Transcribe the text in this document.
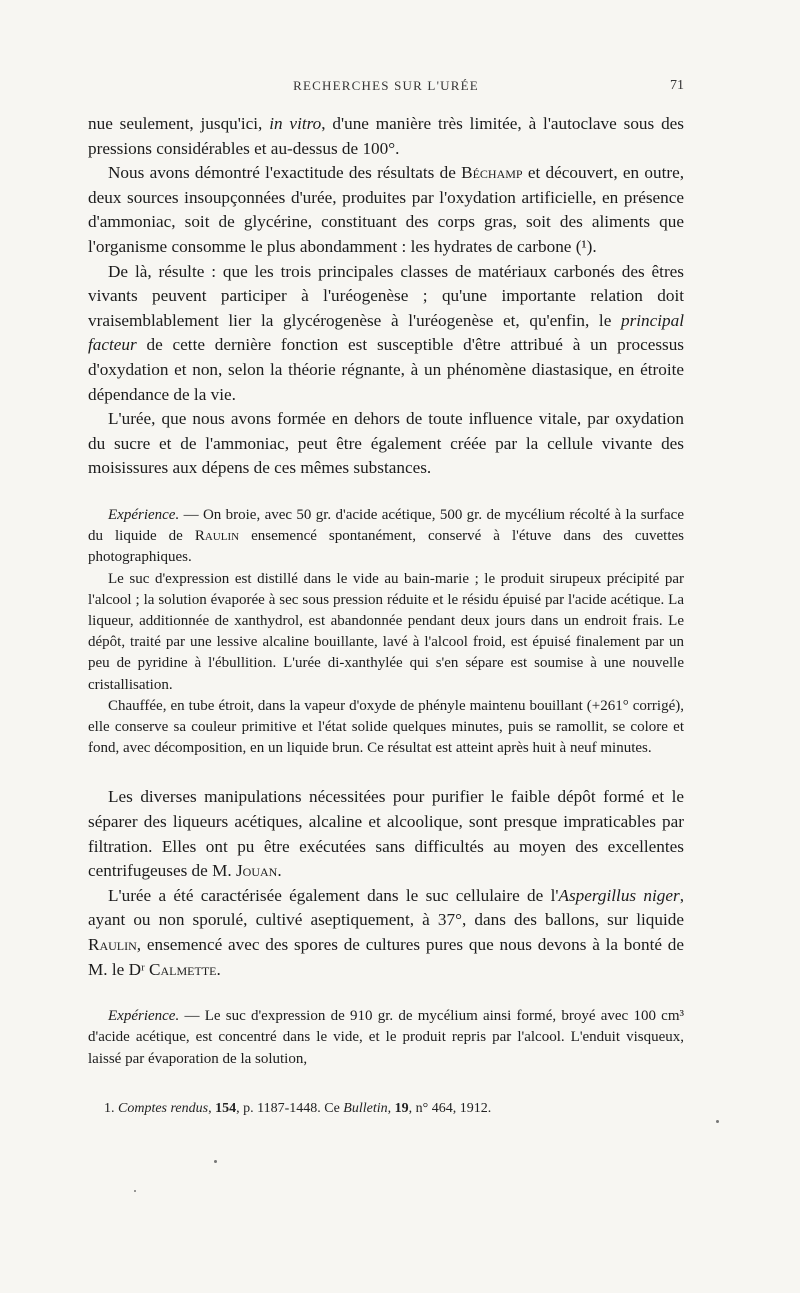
RECHERCHES SUR L'URÉE	71

nue seulement, jusqu'ici, in vitro, d'une manière très limitée, à l'autoclave sous des pressions considérables et au-dessus de 100°.

Nous avons démontré l'exactitude des résultats de Béchamp et découvert, en outre, deux sources insoupçonnées d'urée, produites par l'oxydation artificielle, en présence d'ammoniac, soit de glycérine, constituant des corps gras, soit des aliments que l'organisme consomme le plus abondamment : les hydrates de carbone (¹).

De là, résulte : que les trois principales classes de matériaux carbonés des êtres vivants peuvent participer à l'uréogenèse ; qu'une importante relation doit vraisemblablement lier la glycérogenèse à l'uréogenèse et, qu'enfin, le principal facteur de cette dernière fonction est susceptible d'être attribué à un processus d'oxydation et non, selon la théorie régnante, à un phénomène diastasique, en étroite dépendance de la vie.

L'urée, que nous avons formée en dehors de toute influence vitale, par oxydation du sucre et de l'ammoniac, peut être également créée par la cellule vivante des moisissures aux dépens de ces mêmes substances.

Expérience. — On broie, avec 50 gr. d'acide acétique, 500 gr. de mycélium récolté à la surface du liquide de Raulin ensemencé spontanément, conservé à l'étuve dans des cuvettes photographiques.

Le suc d'expression est distillé dans le vide au bain-marie ; le produit sirupeux précipité par l'alcool ; la solution évaporée à sec sous pression réduite et le résidu épuisé par l'acide acétique. La liqueur, additionnée de xanthydrol, est abandonnée pendant deux jours dans un endroit frais. Le dépôt, traité par une lessive alcaline bouillante, lavé à l'alcool froid, est épuisé finalement par un peu de pyridine à l'ébullition. L'urée di-xanthylée qui s'en sépare est soumise à une nouvelle cristallisation.

Chauffée, en tube étroit, dans la vapeur d'oxyde de phényle maintenu bouillant (+261° corrigé), elle conserve sa couleur primitive et l'état solide quelques minutes, puis se ramollit, se colore et fond, avec décomposition, en un liquide brun. Ce résultat est atteint après huit à neuf minutes.

Les diverses manipulations nécessitées pour purifier le faible dépôt formé et le séparer des liqueurs acétiques, alcaline et alcoolique, sont presque impraticables par filtration. Elles ont pu être exécutées sans difficultés au moyen des excellentes centrifugeuses de M. Jouan.

L'urée a été caractérisée également dans le suc cellulaire de l'Aspergillus niger, ayant ou non sporulé, cultivé aseptiquement, à 37°, dans des ballons, sur liquide Raulin, ensemencé avec des spores de cultures pures que nous devons à la bonté de M. le Dʳ Calmette.

Expérience. — Le suc d'expression de 910 gr. de mycélium ainsi formé, broyé avec 100 cm³ d'acide acétique, est concentré dans le vide, et le produit repris par l'alcool. L'enduit visqueux, laissé par évaporation de la solution,

1. Comptes rendus, 154, p. 1187-1448. Ce Bulletin, 19, n° 464, 1912.
